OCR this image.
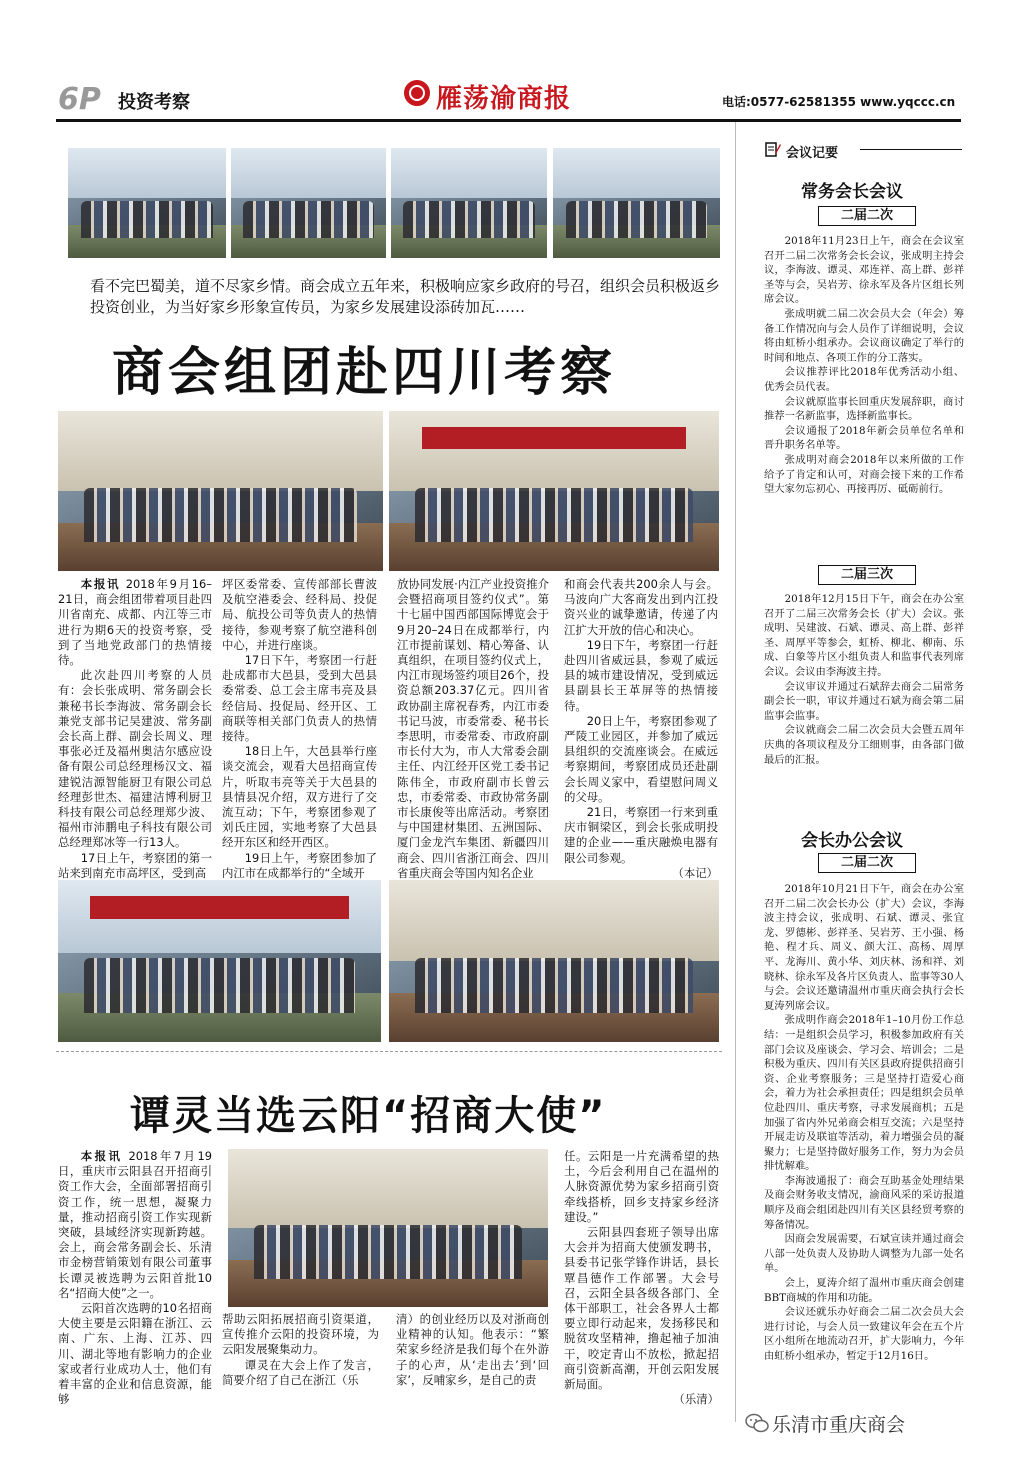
6P 投资考察	雁荡渝商报	电话:0577-62581355 www.yqccc.cn
看不完巴蜀美，道不尽家乡情。商会成立五年来，积极响应家乡政府的号召，组织会员积极返乡投资创业，为当好家乡形象宣传员，为家乡发展建设添砖加瓦……
商会组团赴四川考察

本报讯 2018年9月16–21日，商会组团带着项目赴四川省南充、成都、内江等三市进行为期6天的投资考察，受到了当地党政部门的热情接待。

此次赴四川考察的人员有：会长张成明、常务副会长兼秘书长李海波、常务副会长兼党支部书记吴建波、常务副会长高上群、副会长周义、理事张必迁及福州奥洁尔感应设备有限公司总经理杨汉文、福建锐洁源智能厨卫有限公司总经理彭世杰、福建洁博利厨卫科技有限公司总经理郑少波、福州市沛鹏电子科技有限公司总经理郑冰等一行13人。

17日上午，考察团的第一站来到南充市高坪区，受到高

坪区委常委、宣传部部长曹波及航空港委会、经科局、投促局、航投公司等负责人的热情接待，参观考察了航空港科创中心，并进行座谈。

17日下午，考察团一行赶赴成都市大邑县，受到大邑县委常委、总工会主席韦亮及县经信局、投促局、经开区、工商联等相关部门负责人的热情接待。

18日上午，大邑县举行座谈交流会，观看大邑招商宣传片，听取韦亮等关于大邑县的县情县况介绍，双方进行了交流互动；下午，考察团参观了刘氏庄园，实地考察了大邑县经开东区和经开西区。

19日上午，考察团参加了内江市在成都举行的“全域开

放协同发展·内江产业投资推介会暨招商项目签约仪式”。第十七届中国西部国际博览会于9月20–24日在成都举行，内江市提前谋划、精心筹备、认真组织，在项目签约仪式上，内江市现场签约项目26个，投资总额203.37亿元。四川省政协副主席祝春秀，内江市委书记马波，市委常委、秘书长李思明，市委常委、市政府副市长付大为，市人大常委会副主任、内江经开区党工委书记陈伟全，市政府副市长曾云忠，市委常委、市政协常务副市长康俊等出席活动。考察团与中国建材集团、五洲国际、厦门金龙汽车集团、新疆四川商会、四川省浙江商会、四川省重庆商会等国内知名企业

和商会代表共200余人与会。马波向广大客商发出到内江投资兴业的诚挚邀请，传递了内江扩大开放的信心和决心。

19日下午，考察团一行赶赴四川省威远县，参观了威远县的城市建设情况，受到威远县副县长王革屏等的热情接待。

20日上午，考察团参观了严陵工业园区，并参加了威远县组织的交流座谈会。在威远考察期间，考察团成员还赴副会长周义家中，看望慰问周义的父母。

21日，考察团一行来到重庆市铜梁区，到会长张成明投建的企业——重庆融焕电器有限公司参观。

（本记）
谭灵当选云阳“招商大使”

本报讯 2018年7月19日，重庆市云阳县召开招商引资工作大会，全面部署招商引资工作，统一思想，凝聚力量，推动招商引资工作实现新突破，县域经济实现新跨越。会上，商会常务副会长、乐清市金榜营销策划有限公司董事长谭灵被选聘为云阳首批10名“招商大使”之一。

云阳首次选聘的10名招商大使主要是云阳籍在浙江、云南、广东、上海、江苏、四川、湖北等地有影响力的企业家或者行业成功人士，他们有着丰富的企业和信息资源，能够

帮助云阳拓展招商引资渠道，宣传推介云阳的投资环境，为云阳发展聚集动力。

谭灵在大会上作了发言，简要介绍了自己在浙江（乐

清）的创业经历以及对浙商创业精神的认知。他表示：“繁荣家乡经济是我们每个在外游子的心声，从‘走出去’到‘回家’，反哺家乡，是自己的责

任。云阳是一片充满希望的热土，今后会利用自己在温州的人脉资源优势为家乡招商引资牵线搭桥，回乡支持家乡经济建设。”

云阳县四套班子领导出席大会并为招商大使颁发聘书，县委书记张学锋作讲话，县长覃昌德作工作部署。大会号召，云阳全县各级各部门、全体干部职工，社会各界人士都要立即行动起来，发扬移民和脱贫攻坚精神，撸起袖子加油干，咬定青山不放松，掀起招商引资新高潮，开创云阳发展新局面。

（乐清）
会议记要
常务会长会议
二届二次

2018年11月23日上午，商会在会议室召开二届二次常务会长会议，张成明主持会议，李海波、谭灵、邓连祥、高上群、彭祥圣等与会，吴岩芳、徐永军及各片区组长列席会议。

张成明就二届二次会员大会（年会）筹备工作情况向与会人员作了详细说明，会议将由虹桥小组承办。会议商议确定了举行的时间和地点、各项工作的分工落实。

会议推荐评比2018年优秀活动小组、优秀会员代表。

会议就原监事长回重庆发展辞职，商讨推荐一名新监事，选择新监事长。

会议通报了2018年新会员单位名单和晋升职务名单等。

张成明对商会2018年以来所做的工作给予了肯定和认可，对商会接下来的工作希望大家勿忘初心、再接再厉、砥砺前行。

二届三次

2018年12月15日下午，商会在办公室召开了二届三次常务会长（扩大）会议。张成明、吴建波、石斌、谭灵、高上群、彭祥圣、周厚平等参会，虹桥、柳北、柳南、乐成、白象等片区小组负责人和监事代表列席会议。会议由李海波主持。

会议审议并通过石斌辞去商会二届常务副会长一职，审议并通过石斌为商会第二届监事会监事。

会议就商会二届二次会员大会暨五周年庆典的各项议程及分工细则事，由各部门做最后的汇报。

会长办公会议
二届二次

2018年10月21日下午，商会在办公室召开二届二次会长办公（扩大）会议，李海波主持会议，张成明、石斌、谭灵、张宜龙、罗德彬、彭祥圣、吴岩芳、王小强、杨艳、程才兵、周义、颜大江、高杨、周厚平、龙海川、黄小华、刘庆林、汤和祥、刘晓林、徐永军及各片区负责人、监事等30人与会。会议还邀请温州市重庆商会执行会长夏涛列席会议。

张成明作商会2018年1–10月份工作总结：一是组织会员学习，积极参加政府有关部门会议及座谈会、学习会、培训会；二是积极为重庆、四川有关区县政府提供招商引资、企业考察服务；三是坚持打造爱心商会，着力为社会承担责任；四是组织会员单位赴四川、重庆考察，寻求发展商机；五是加强了省内外兄弟商会相互交流；六是坚持开展走访及联谊等活动，着力增强会员的凝聚力；七是坚持做好服务工作，努力为会员排忧解难。

李海波通报了：商会互助基金处理结果及商会财务收支情况，渝商风采的采访报道顺序及商会组团赴四川有关区县经贸考察的筹备情况。

因商会发展需要，石斌宣读并通过商会八部一处负责人及协助人调整为九部一处名单。

会上，夏涛介绍了温州市重庆商会创建BBT商城的作用和功能。

会议还就乐办好商会二届二次会员大会进行讨论，与会人员一致建议年会在五个片区小组所在地流动召开，扩大影响力，今年由虹桥小组承办，暂定于12月16日。

乐清市重庆商会
